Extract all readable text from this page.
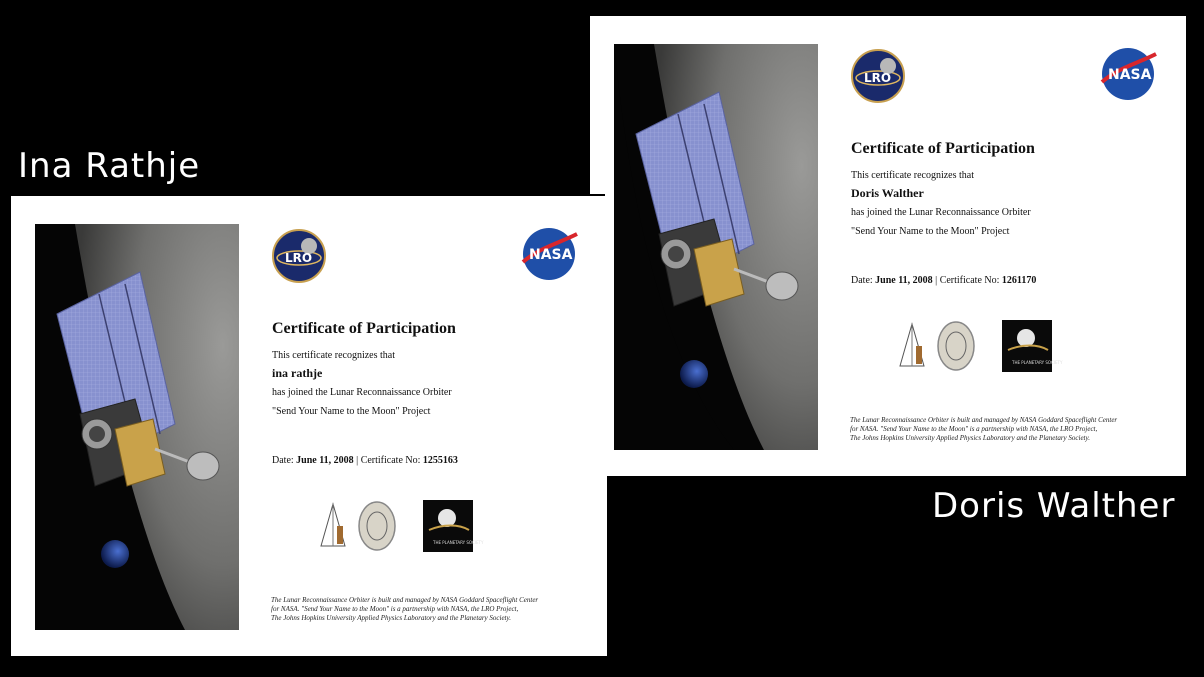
Ina Rathje
Doris Walther
LRO	NASA
Certificate of Participation
This certificate recognizes that
Doris Walther
has joined the Lunar Reconnaissance Orbiter
"Send Your Name to the Moon" Project
Date: June 11, 2008 | Certificate No: 1261170
THE PLANETARY SOCIETY
The Lunar Reconnaissance Orbiter is built and managed by NASA Goddard Spaceflight Center
for NASA. "Send Your Name to the Moon" is a partnership with NASA, the LRO Project,
The Johns Hopkins University Applied Physics Laboratory and the Planetary Society.
LRO	NASA
Certificate of Participation
This certificate recognizes that
ina rathje
has joined the Lunar Reconnaissance Orbiter
"Send Your Name to the Moon" Project
Date: June 11, 2008 | Certificate No: 1255163
THE PLANETARY SOCIETY
The Lunar Reconnaissance Orbiter is built and managed by NASA Goddard Spaceflight Center
for NASA. "Send Your Name to the Moon" is a partnership with NASA, the LRO Project,
The Johns Hopkins University Applied Physics Laboratory and the Planetary Society.
